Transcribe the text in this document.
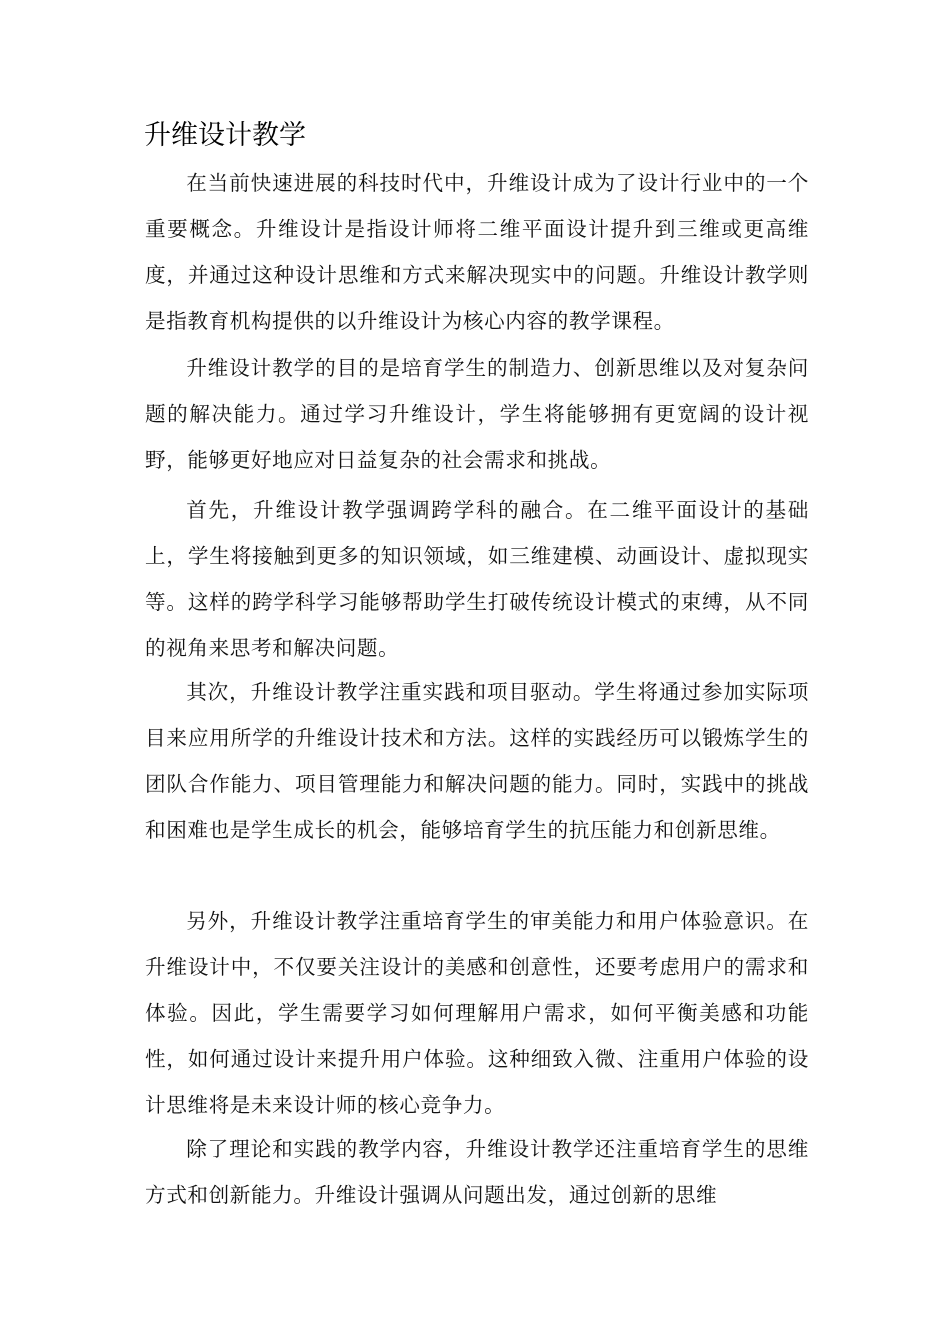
升维设计教学

在当前快速进展的科技时代中，升维设计成为了设计行业中的一个重要概念。升维设计是指设计师将二维平面设计提升到三维或更高维度，并通过这种设计思维和方式来解决现实中的问题。升维设计教学则是指教育机构提供的以升维设计为核心内容的教学课程。

升维设计教学的目的是培育学生的制造力、创新思维以及对复杂问题的解决能力。通过学习升维设计，学生将能够拥有更宽阔的设计视野，能够更好地应对日益复杂的社会需求和挑战。

首先，升维设计教学强调跨学科的融合。在二维平面设计的基础上，学生将接触到更多的知识领域，如三维建模、动画设计、虚拟现实等。这样的跨学科学习能够帮助学生打破传统设计模式的束缚，从不同的视角来思考和解决问题。

其次，升维设计教学注重实践和项目驱动。学生将通过参加实际项目来应用所学的升维设计技术和方法。这样的实践经历可以锻炼学生的团队合作能力、项目管理能力和解决问题的能力。同时，实践中的挑战和困难也是学生成长的机会，能够培育学生的抗压能力和创新思维。

另外，升维设计教学注重培育学生的审美能力和用户体验意识。在升维设计中，不仅要关注设计的美感和创意性，还要考虑用户的需求和体验。因此，学生需要学习如何理解用户需求，如何平衡美感和功能性，如何通过设计来提升用户体验。这种细致入微、注重用户体验的设计思维将是未来设计师的核心竞争力。

除了理论和实践的教学内容，升维设计教学还注重培育学生的思维方式和创新能力。升维设计强调从问题出发，通过创新的思维
